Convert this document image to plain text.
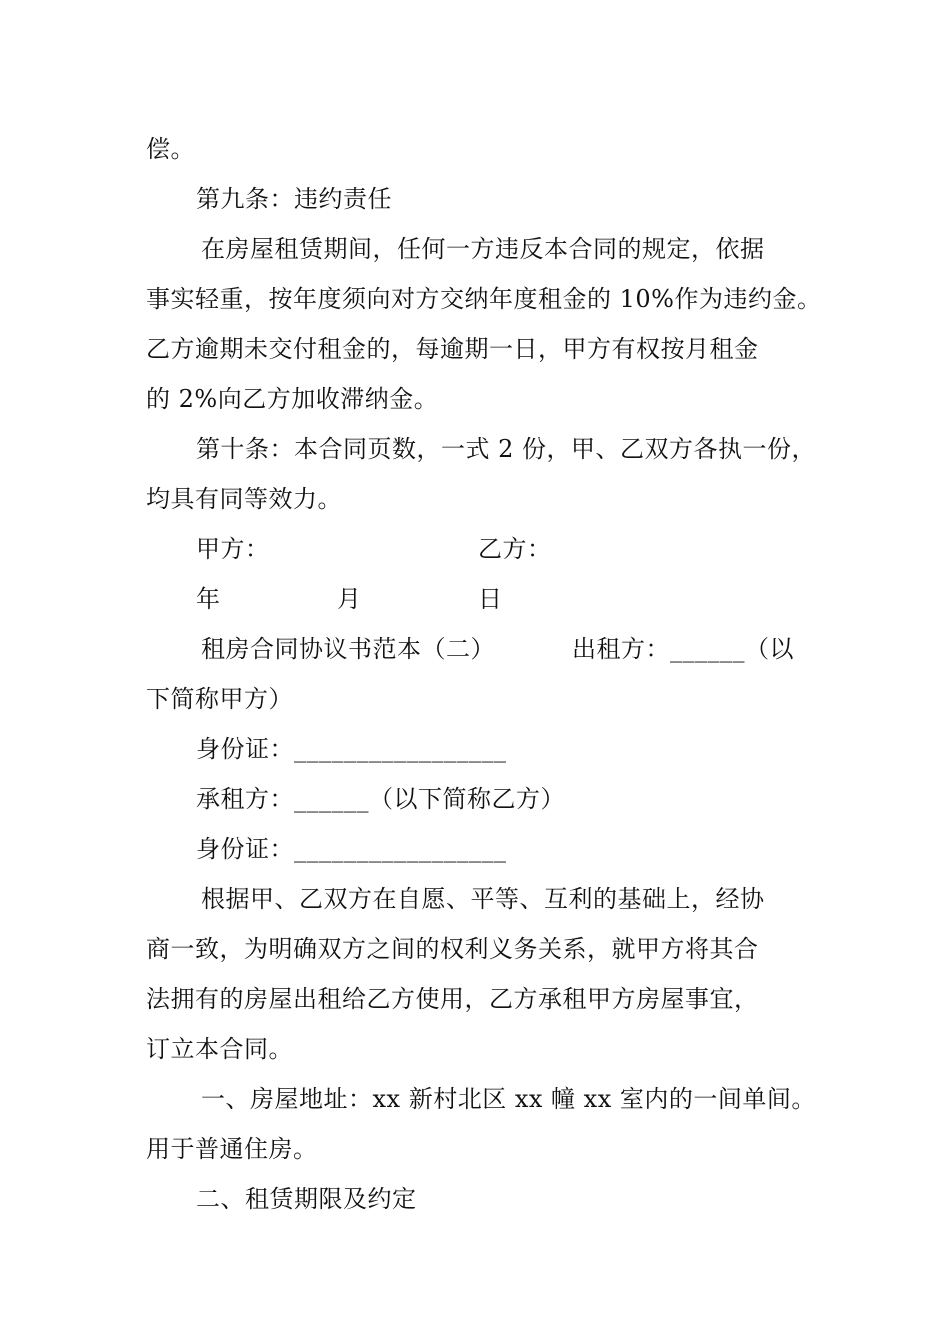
偿。
第九条：违约责任
在房屋租赁期间，任何一方违反本合同的规定，依据
事实轻重，按年度须向对方交纳年度租金的 10%作为违约金。
乙方逾期未交付租金的，每逾期一日，甲方有权按月租金
的 2%向乙方加收滞纳金。
第十条：本合同页数，一式 2 份，甲、乙双方各执一份，
均具有同等效力。
甲方：	乙方：
年	月	日
租房合同协议书范本（二）	出租方：______（以
下简称甲方）
身份证：_________________
承租方：______（以下简称乙方）
身份证：_________________
根据甲、乙双方在自愿、平等、互利的基础上，经协
商一致，为明确双方之间的权利义务关系，就甲方将其合
法拥有的房屋出租给乙方使用，乙方承租甲方房屋事宜，
订立本合同。
一、房屋地址：xx 新村北区 xx 幢 xx 室内的一间单间。
用于普通住房。
二、租赁期限及约定
